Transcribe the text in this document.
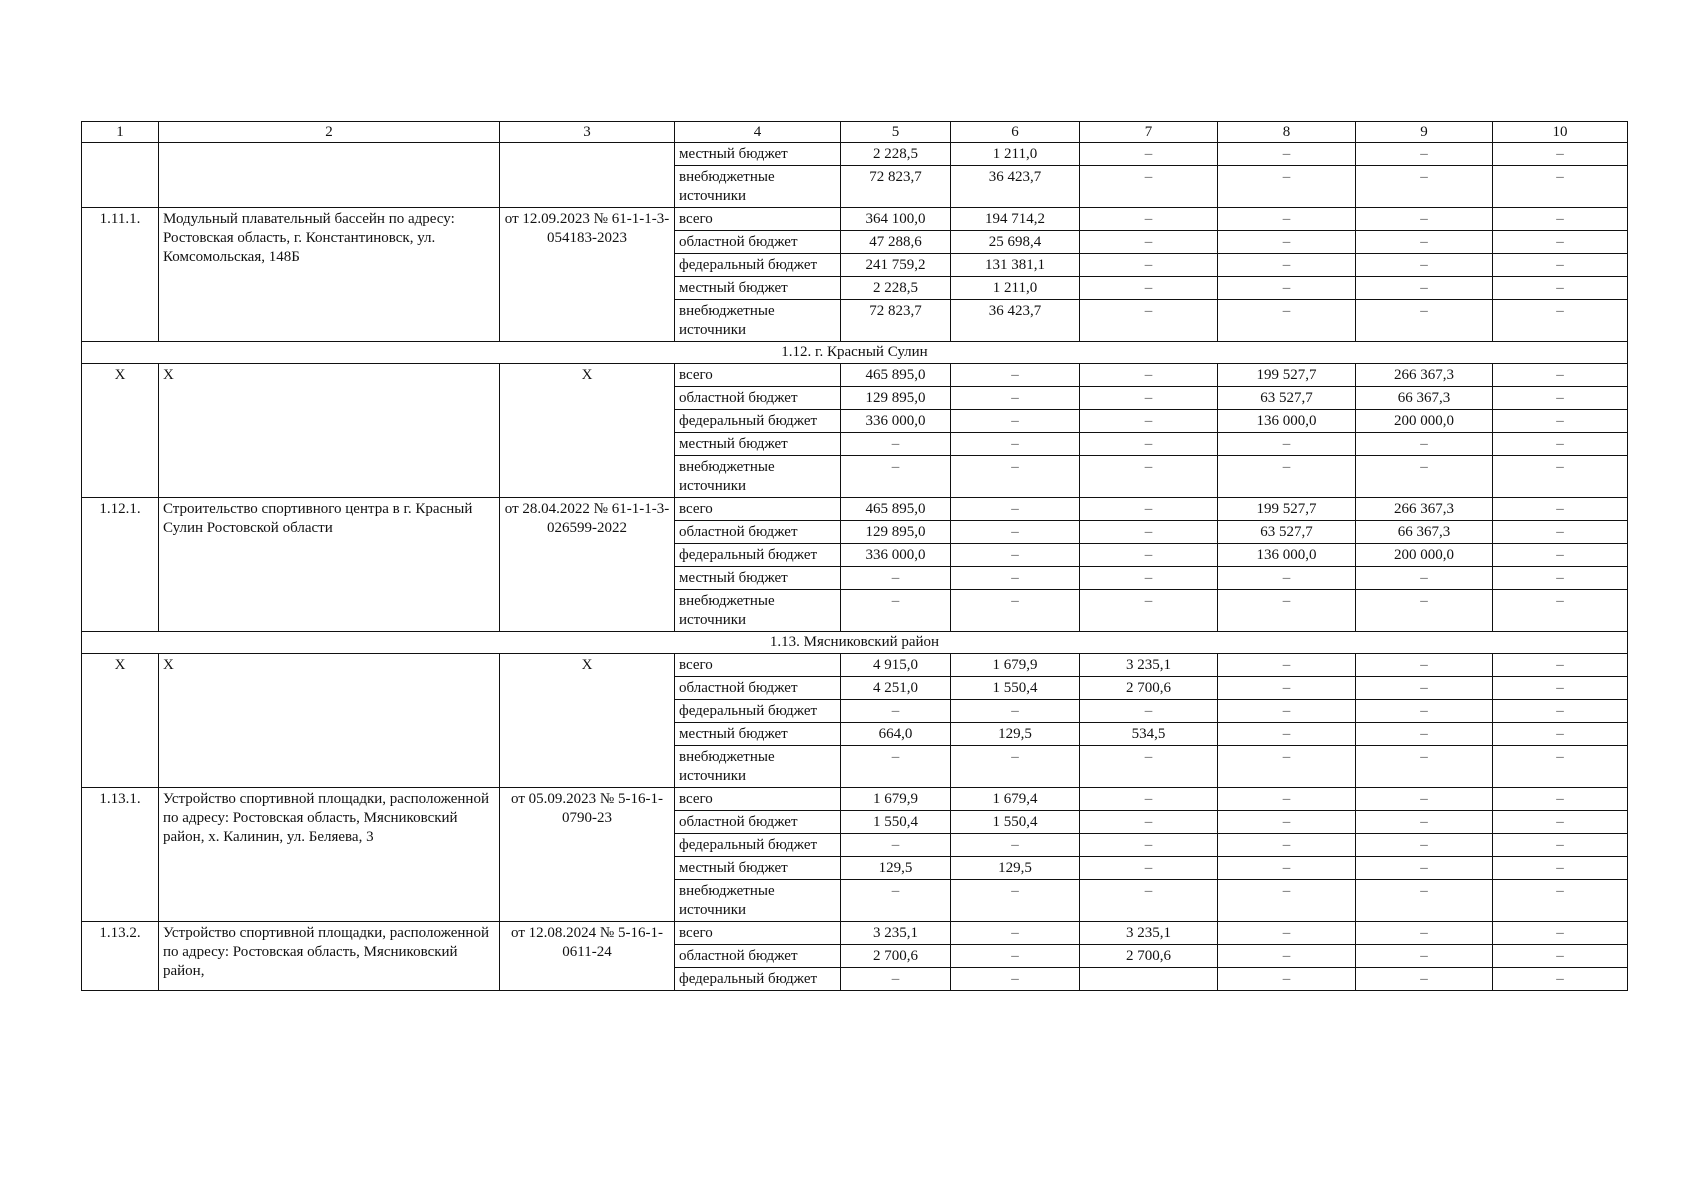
1	2	3	4	5	6	7	8	9	10
			местный бюджет	2 228,5	1 211,0	–	–	–	–
			внебюджетные источники	72 823,7	36 423,7	–	–	–	–
1.11.1.	Модульный плавательный бассейн по адресу: Ростовская область, г. Константиновск, ул. Комсомольская, 148Б	от 12.09.2023 № 61-1-1-3-054183-2023	всего	364 100,0	194 714,2	–	–	–	–
			областной бюджет	47 288,6	25 698,4	–	–	–	–
			федеральный бюджет	241 759,2	131 381,1	–	–	–	–
			местный бюджет	2 228,5	1 211,0	–	–	–	–
			внебюджетные источники	72 823,7	36 423,7	–	–	–	–
1.12. г. Красный Сулин									
Х	Х	Х	всего	465 895,0	–	–	199 527,7	266 367,3	–
			областной бюджет	129 895,0	–	–	63 527,7	66 367,3	–
			федеральный бюджет	336 000,0	–	–	136 000,0	200 000,0	–
			местный бюджет	–	–	–	–	–	–
			внебюджетные источники	–	–	–	–	–	–
1.12.1.	Строительство спортивного центра в г. Красный Сулин Ростовской области	от 28.04.2022 № 61-1-1-3-026599-2022	всего	465 895,0	–	–	199 527,7	266 367,3	–
			областной бюджет	129 895,0	–	–	63 527,7	66 367,3	–
			федеральный бюджет	336 000,0	–	–	136 000,0	200 000,0	–
			местный бюджет	–	–	–	–	–	–
			внебюджетные источники	–	–	–	–	–	–
1.13. Мясниковский район									
Х	Х	Х	всего	4 915,0	1 679,9	3 235,1	–	–	–
			областной бюджет	4 251,0	1 550,4	2 700,6	–	–	–
			федеральный бюджет	–	–	–	–	–	–
			местный бюджет	664,0	129,5	534,5	–	–	–
			внебюджетные источники	–	–	–	–	–	–
1.13.1.	Устройство спортивной площадки, расположенной по адресу: Ростовская область, Мясниковский район, х. Калинин, ул. Беляева, 3	от 05.09.2023 № 5-16-1-0790-23	всего	1 679,9	1 679,4	–	–	–	–
			областной бюджет	1 550,4	1 550,4	–	–	–	–
			федеральный бюджет	–	–	–	–	–	–
			местный бюджет	129,5	129,5	–	–	–	–
			внебюджетные источники	–	–	–	–	–	–
1.13.2.	Устройство спортивной площадки, расположенной по адресу: Ростовская область, Мясниковский район,	от 12.08.2024 № 5-16-1-0611-24	всего	3 235,1	–	3 235,1	–	–	–
			областной бюджет	2 700,6	–	2 700,6	–	–	–
			федеральный бюджет	–	–		–	–	–
